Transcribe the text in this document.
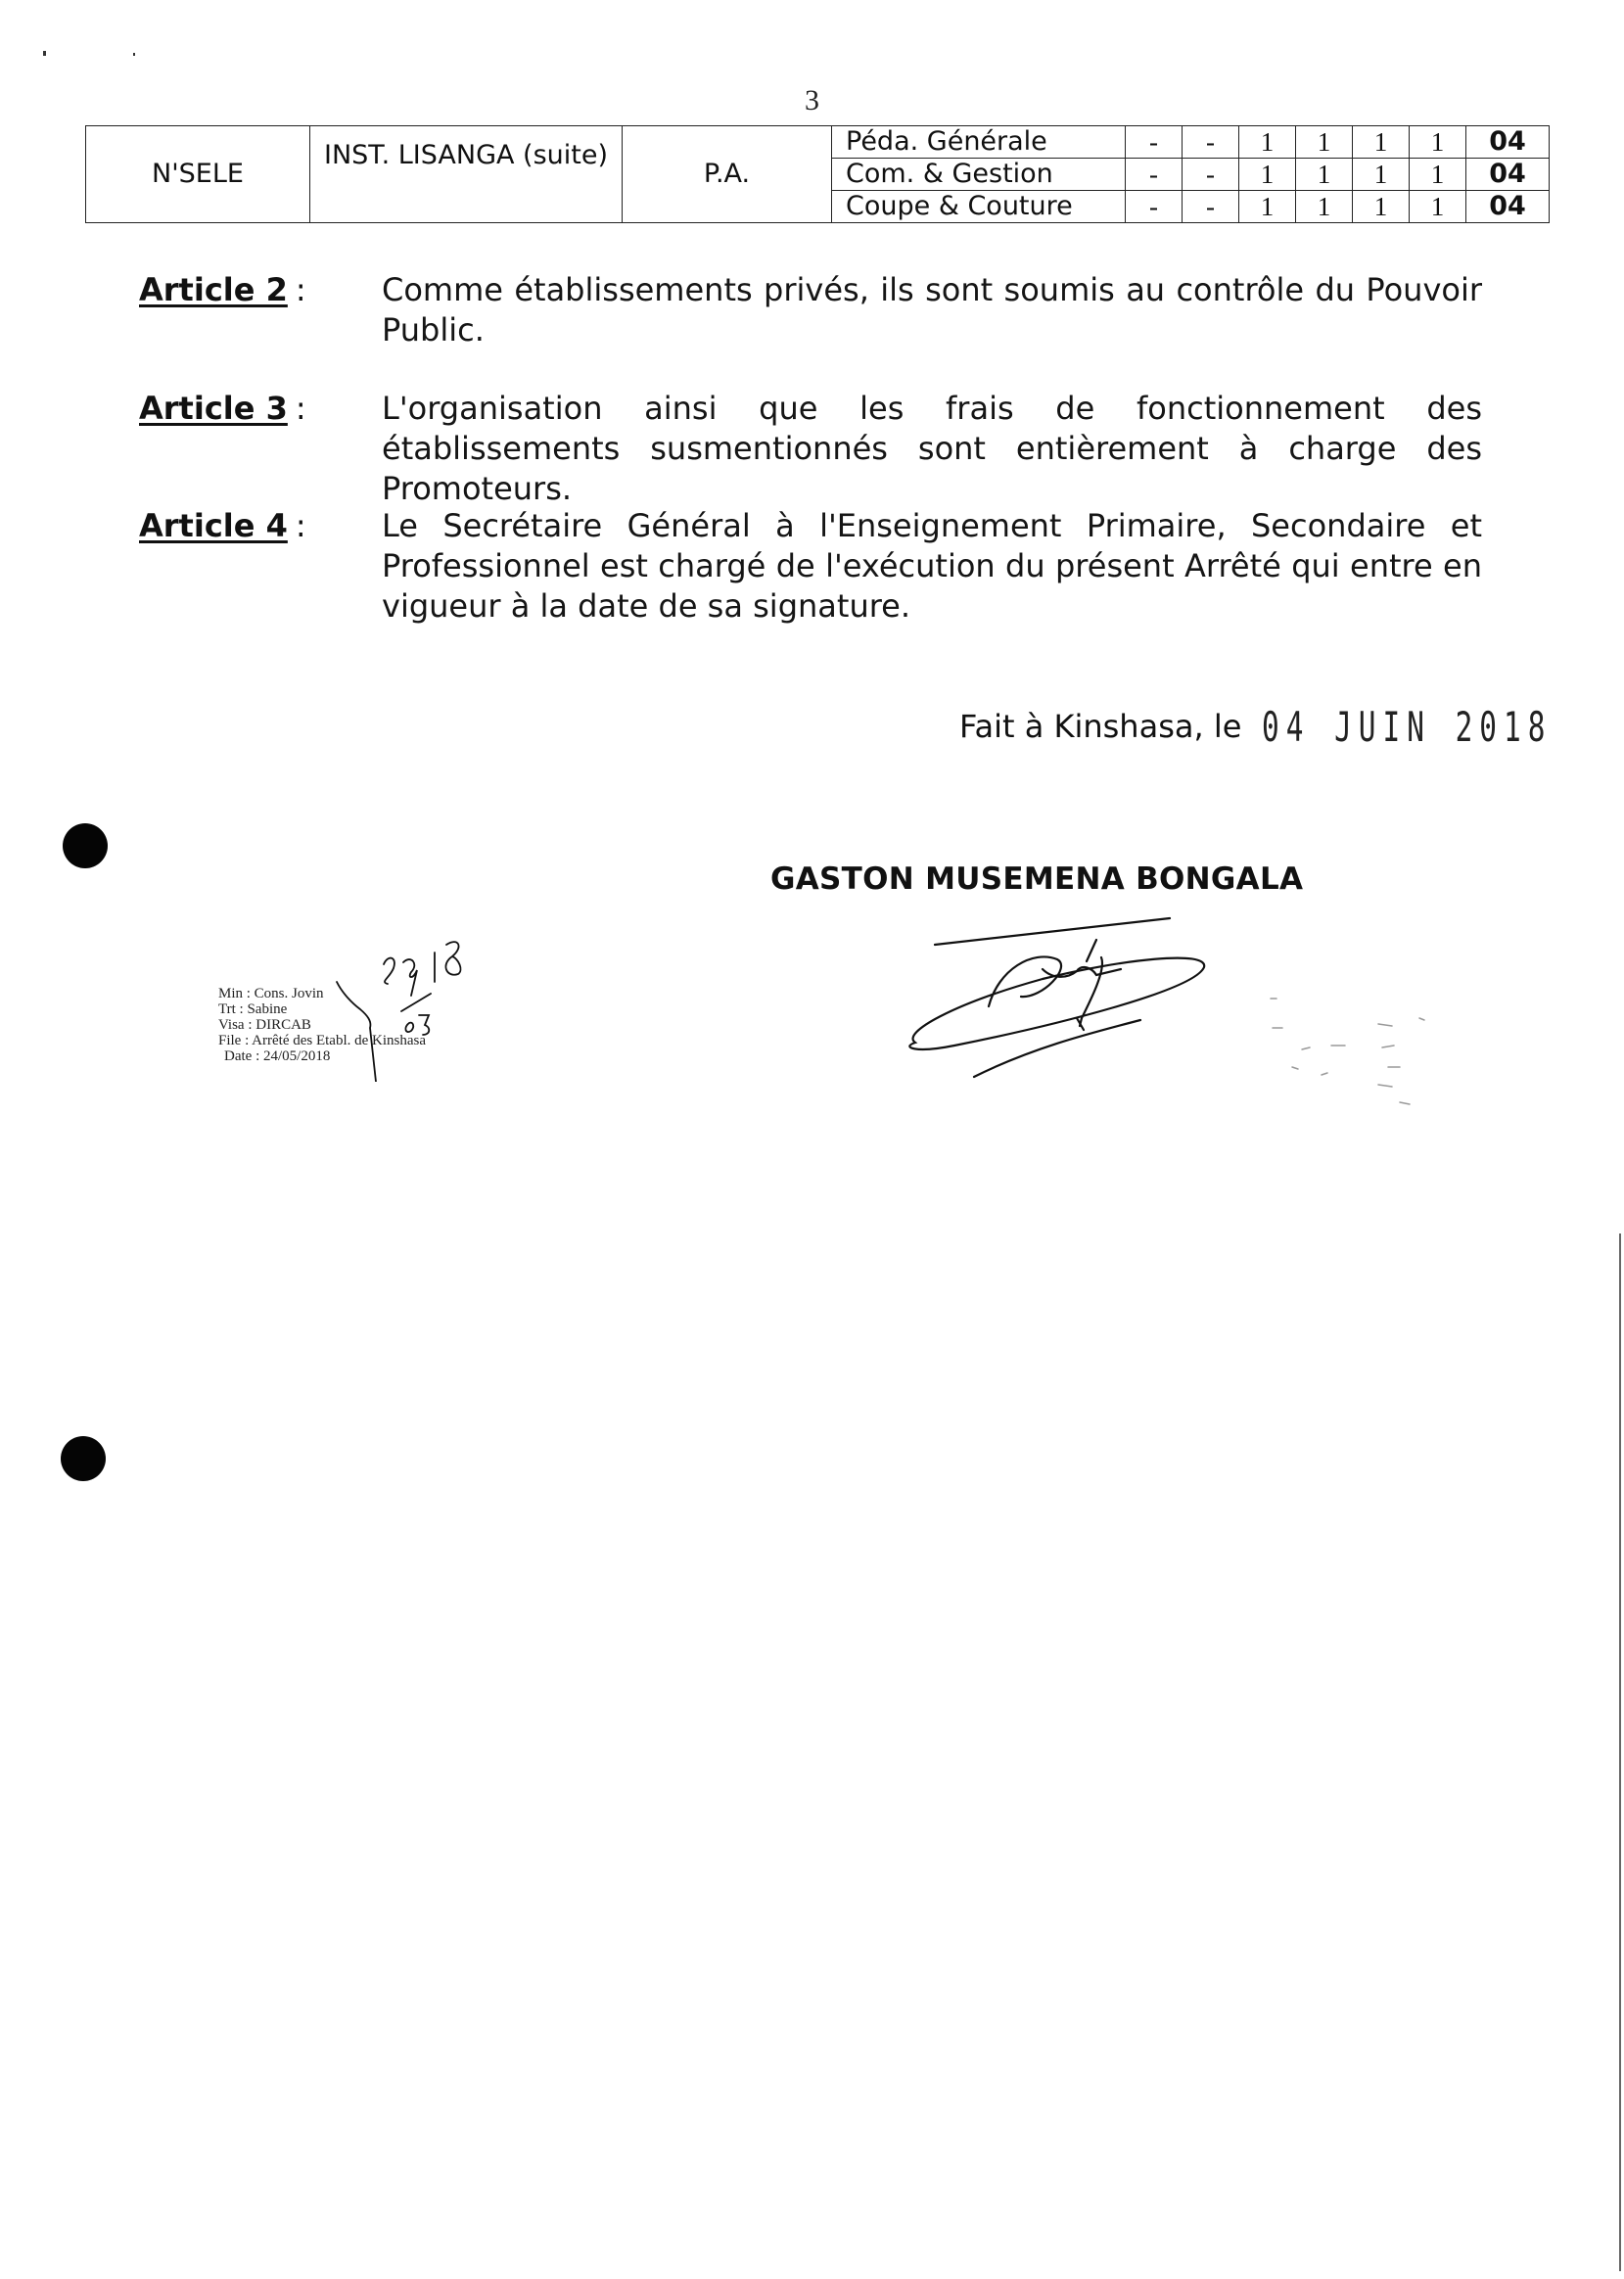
3
N'SELE	INST. LISANGA (suite)	P.A.	Péda. Générale	-	-	1	1	1	1	04
			Com. & Gestion	-	-	1	1	1	1	04
			Coupe & Couture	-	-	1	1	1	1	04
Article 2 : Comme établissements privés, ils sont soumis au contrôle du Pouvoir Public.
Article 3 : L'organisation ainsi que les frais de fonctionnement des établissements susmentionnés sont entièrement à charge des Promoteurs.
Article 4 : Le Secrétaire Général à l'Enseignement Primaire, Secondaire et Professionnel est chargé de l'exécution du présent Arrêté qui entre en vigueur à la date de sa signature.
Fait à Kinshasa, le 04 JUIN 2018
GASTON MUSEMENA BONGALA
Min : Cons. Jovin
Trt : Sabine
Visa : DIRCAB
File : Arrêté des Etabl. de Kinshasa
Date : 24/05/2018
